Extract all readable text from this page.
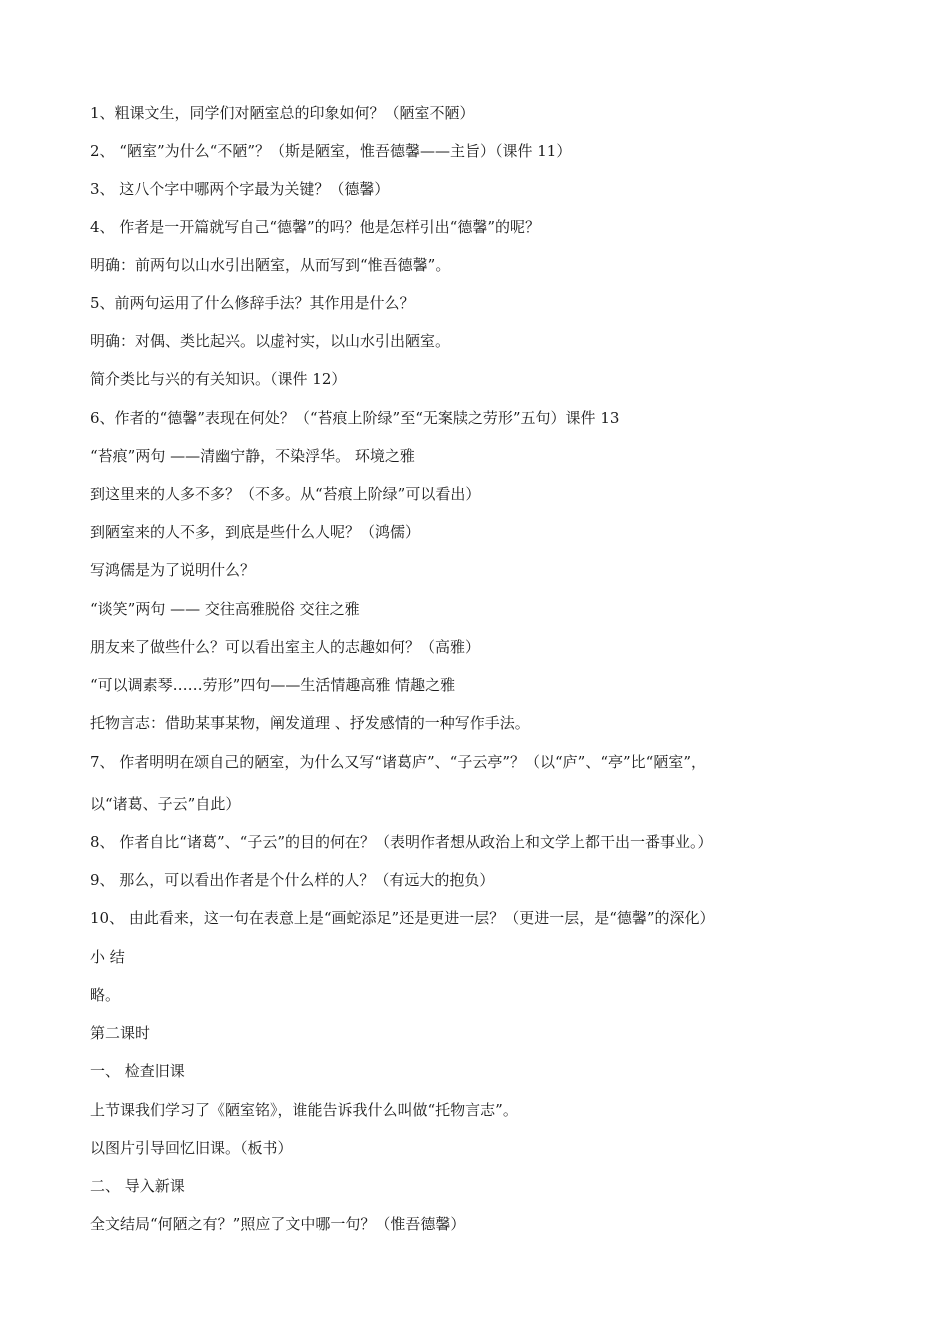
1、粗课文生，同学们对陋室总的印象如何？（陋室不陋）
2、 “陋室”为什么“不陋”？（斯是陋室，惟吾德馨——主旨）（课件 11）
3、 这八个字中哪两个字最为关键？（德馨）
4、 作者是一开篇就写自己“德馨”的吗？他是怎样引出“德馨”的呢？
明确：前两句以山水引出陋室，从而写到“惟吾德馨”。
5、前两句运用了什么修辞手法？其作用是什么？
明确：对偶、类比起兴。以虚衬实，以山水引出陋室。
简介类比与兴的有关知识。（课件 12）
6、作者的“德馨”表现在何处？（“苔痕上阶绿”至“无案牍之劳形”五句）课件 13
“苔痕”两句 ——清幽宁静，不染浮华。 环境之雅
到这里来的人多不多？（不多。从“苔痕上阶绿”可以看出）
到陋室来的人不多，到底是些什么人呢？（鸿儒）
写鸿儒是为了说明什么？
“谈笑”两句 —— 交往高雅脱俗 交往之雅
朋友来了做些什么？可以看出室主人的志趣如何？（高雅）
“可以调素琴……劳形”四句——生活情趣高雅 情趣之雅
托物言志：借助某事某物，阐发道理 、抒发感情的一种写作手法。
7、 作者明明在颂自己的陋室，为什么又写“诸葛庐”、“子云亭”？（以“庐”、“亭”比“陋室”，
以“诸葛、子云”自此）
8、 作者自比“诸葛”、“子云”的目的何在？（表明作者想从政治上和文学上都干出一番事业。）
9、 那么，可以看出作者是个什么样的人？（有远大的抱负）
10、 由此看来，这一句在表意上是“画蛇添足”还是更进一层？（更进一层，是“德馨”的深化）
小 结
略。
第二课时
一、 检查旧课
上节课我们学习了《陋室铭》，谁能告诉我什么叫做“托物言志”。
以图片引导回忆旧课。（板书）
二、 导入新课
全文结局“何陋之有？”照应了文中哪一句？（惟吾德馨）
